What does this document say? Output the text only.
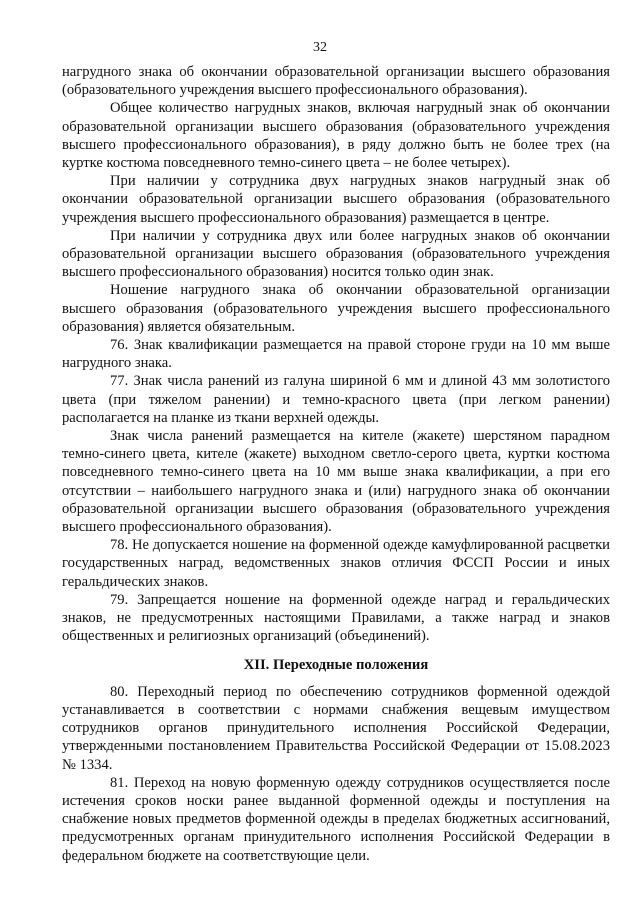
32

нагрудного знака об окончании образовательной организации высшего образования (образовательного учреждения высшего профессионального образования).

Общее количество нагрудных знаков, включая нагрудный знак об окончании образовательной организации высшего образования (образовательного учреждения высшего профессионального образования), в ряду должно быть не более трех (на куртке костюма повседневного темно-синего цвета – не более четырех).

При наличии у сотрудника двух нагрудных знаков нагрудный знак об окончании образовательной организации высшего образования (образовательного учреждения высшего профессионального образования) размещается в центре.

При наличии у сотрудника двух или более нагрудных знаков об окончании образовательной организации высшего образования (образовательного учреждения высшего профессионального образования) носится только один знак.

Ношение нагрудного знака об окончании образовательной организации высшего образования (образовательного учреждения высшего профессионального образования) является обязательным.

76. Знак квалификации размещается на правой стороне груди на 10 мм выше нагрудного знака.

77. Знак числа ранений из галуна шириной 6 мм и длиной 43 мм золотистого цвета (при тяжелом ранении) и темно-красного цвета (при легком ранении) располагается на планке из ткани верхней одежды.

Знак числа ранений размещается на кителе (жакете) шерстяном парадном темно-синего цвета, кителе (жакете) выходном светло-серого цвета, куртки костюма повседневного темно-синего цвета на 10 мм выше знака квалификации, а при его отсутствии – наибольшего нагрудного знака и (или) нагрудного знака об окончании образовательной организации высшего образования (образовательного учреждения высшего профессионального образования).

78. Не допускается ношение на форменной одежде камуфлированной расцветки государственных наград, ведомственных знаков отличия ФССП России и иных геральдических знаков.

79. Запрещается ношение на форменной одежде наград и геральдических знаков, не предусмотренных настоящими Правилами, а также наград и знаков общественных и религиозных организаций (объединений).

XII. Переходные положения

80. Переходный период по обеспечению сотрудников форменной одеждой устанавливается в соответствии с нормами снабжения вещевым имуществом сотрудников органов принудительного исполнения Российской Федерации, утвержденными постановлением Правительства Российской Федерации от 15.08.2023 № 1334.

81. Переход на новую форменную одежду сотрудников осуществляется после истечения сроков носки ранее выданной форменной одежды и поступления на снабжение новых предметов форменной одежды в пределах бюджетных ассигнований, предусмотренных органам принудительного исполнения Российской Федерации в федеральном бюджете на соответствующие цели.
